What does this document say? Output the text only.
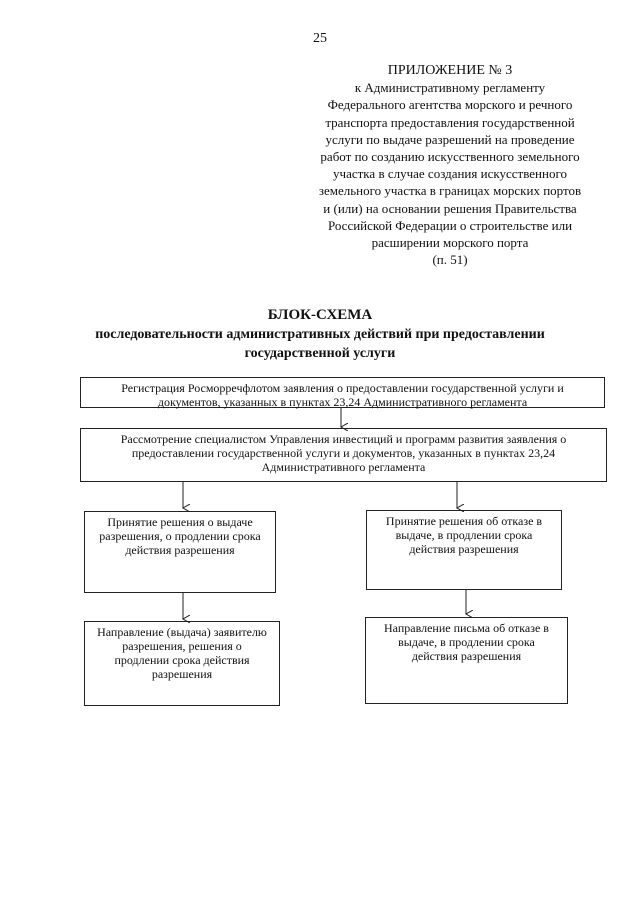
25
ПРИЛОЖЕНИЕ № 3
к Административному регламенту
Федерального агентства морского и речного
транспорта предоставления государственной
услуги по выдаче разрешений на проведение
работ по созданию искусственного земельного
участка в случае создания искусственного
земельного участка в границах морских портов
и (или) на основании решения Правительства
Российской Федерации о строительстве или
расширении морского порта
(п. 51)
БЛОК-СХЕМА
последовательности административных действий при предоставлении
государственной услуги
Регистрация Росморречфлотом заявления о предоставлении государственной услуги и
документов, указанных в пунктах 23,24 Административного регламента
Рассмотрение специалистом Управления инвестиций и программ развития заявления о
предоставлении государственной услуги и документов, указанных в пунктах 23,24
Административного регламента
Принятие решения о выдаче
разрешения, о продлении срока
действия разрешения
Принятие решения об отказе в
выдаче, в продлении срока
действия разрешения
Направление (выдача) заявителю
разрешения, решения о
продлении срока действия
разрешения
Направление письма об отказе в
выдаче, в продлении срока
действия разрешения
